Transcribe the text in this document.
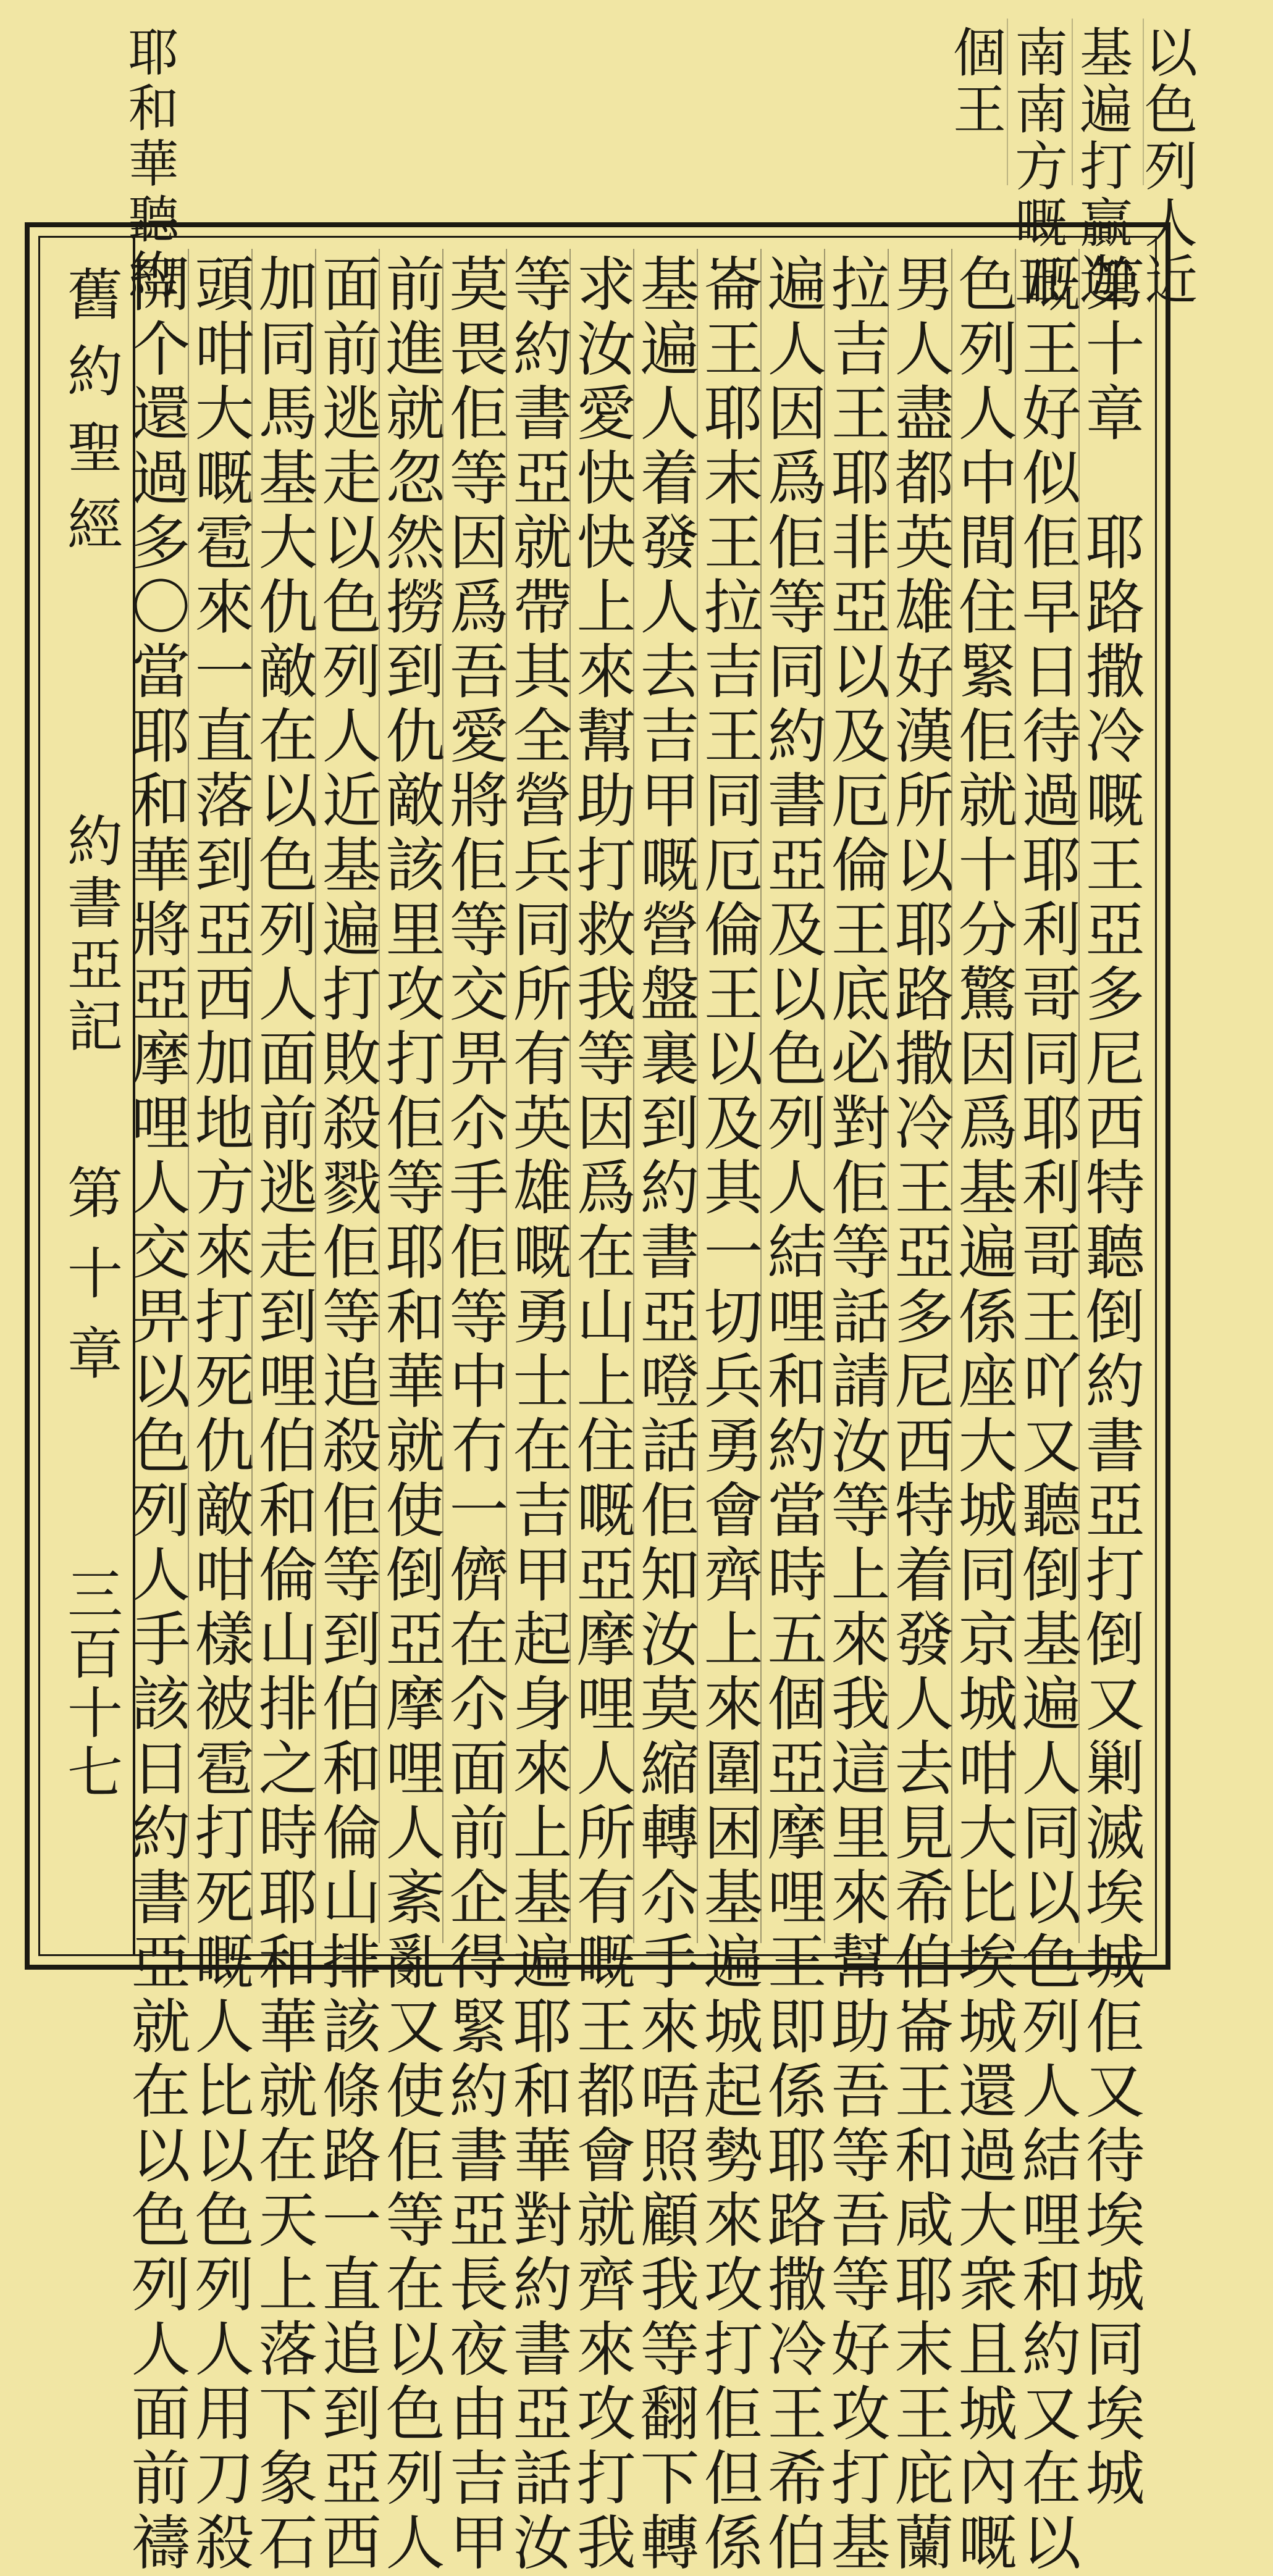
以色列人近
基遍打贏迦
南南方嘅五
耶和華聽約
舊約聖經
約書亞記
第十章
三百十七	第十章　耶路撒冷嘅王亞多尼西特聽倒約書亞打倒又剿滅埃城佢又待埃城同埃城
嘅王好似佢早日待過耶利哥同耶利哥王吖又聽倒基遍人同以色列人結哩和約又在以
色列人中間住緊佢就十分驚因爲基遍係座大城同京城咁大比埃城還過大衆且城內嘅
男人盡都英雄好漢所以耶路撒冷王亞多尼西特着發人去見希伯崙王和咸耶末王庇蘭
拉吉王耶非亞以及厄倫王底必對佢等話請汝等上來我這里來幫助吾等吾等好攻打基
遍人因爲佢等同約書亞及以色列人結哩和約當時五個亞摩哩王即係耶路撒冷王希伯
崙王耶末王拉吉王同厄倫王以及其一切兵勇會齊上來圍困基遍城起勢來攻打佢但係
基遍人着發人去吉甲嘅營盤裏到約書亞噔話佢知汝莫縮轉尒手來唔照顧我等翻下轉
求汝愛快快上來幫助打救我等因爲在山上住嘅亞摩哩人所有嘅王都會就齊來攻打我
等約書亞就帶其全營兵同所有英雄嘅勇士在吉甲起身來上基遍耶和華對約書亞話汝
莫畏佢等因爲吾愛將佢等交畀尒手佢等中冇一儕在尒面前企得緊約書亞長夜由吉甲
前進就忽然撈到仇敵該里攻打佢等耶和華就使倒亞摩哩人紊亂又使佢等在以色列人
面前逃走以色列人近基遍打敗殺戮佢等追殺佢等到伯和倫山排該條路一直追到亞西
加同馬基大仇敵在以色列人面前逃走到哩伯和倫山排之時耶和華就在天上落下象石
頭咁大嘅雹來一直落到亞西加地方來打死仇敵咁樣被雹打死嘅人比以色列人用刀殺
開个還過多〇當耶和華將亞摩哩人交畀以色列人手該日約書亞就在以色列人面前禱
個王
